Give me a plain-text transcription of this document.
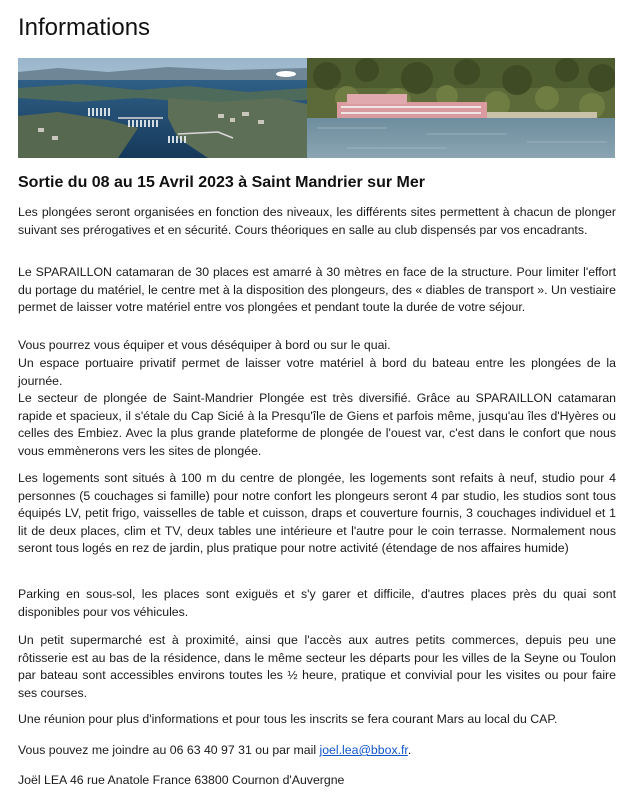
Informations
Sortie du 08 au 15 Avril 2023 à Saint Mandrier sur Mer

Les plongées seront organisées en fonction des niveaux, les différents sites permettent à chacun de plonger suivant ses prérogatives et en sécurité. Cours théoriques en salle au club dispensés par vos encadrants.

Le SPARAILLON catamaran de 30 places est amarré à 30 mètres en face de la structure. Pour limiter l'effort du portage du matériel, le centre met à la disposition des plongeurs, des « diables de transport ». Un vestiaire permet de laisser votre matériel entre vos plongées et pendant toute la durée de votre séjour.

Vous pourrez vous équiper et vous déséquiper à bord ou sur le quai.

Un espace portuaire privatif permet de laisser votre matériel à bord du bateau entre les plongées de la journée.

Le secteur de plongée de Saint-Mandrier Plongée est très diversifié. Grâce au SPARAILLON catamaran rapide et spacieux, il s'étale du Cap Sicié à la Presqu'île de Giens et parfois même, jusqu'au îles d'Hyères ou celles des Embiez. Avec la plus grande plateforme de plongée de l'ouest var, c'est dans le confort que nous vous emmènerons vers les sites de plongée.

Les logements sont situés à 100 m du centre de plongée, les logements sont refaits à neuf, studio pour 4 personnes (5 couchages si famille) pour notre confort les plongeurs seront 4 par studio, les studios sont tous équipés LV, petit frigo, vaisselles de table et cuisson, draps et couverture fournis, 3 couchages individuel et 1 lit de deux places, clim et TV, deux tables une intérieure et l'autre pour le coin terrasse. Normalement nous seront tous logés en rez de jardin, plus pratique pour notre activité (étendage de nos affaires humide)

Parking en sous-sol, les places sont exiguës et s'y garer et difficile, d'autres places près du quai sont disponibles pour vos véhicules.

Un petit supermarché est à proximité, ainsi que l'accès aux autres petits commerces, depuis peu une rôtisserie est au bas de la résidence, dans le même secteur les départs pour les villes de la Seyne ou Toulon par bateau sont accessibles environs toutes les ½ heure, pratique et convivial pour les visites ou pour faire ses courses.

Une réunion pour plus d'informations et pour tous les inscrits se fera courant Mars au local du CAP.

Vous pouvez me joindre au 06 63 40 97 31 ou par mail joel.lea@bbox.fr.

Joël LEA 46 rue Anatole France 63800 Cournon d'Auvergne
